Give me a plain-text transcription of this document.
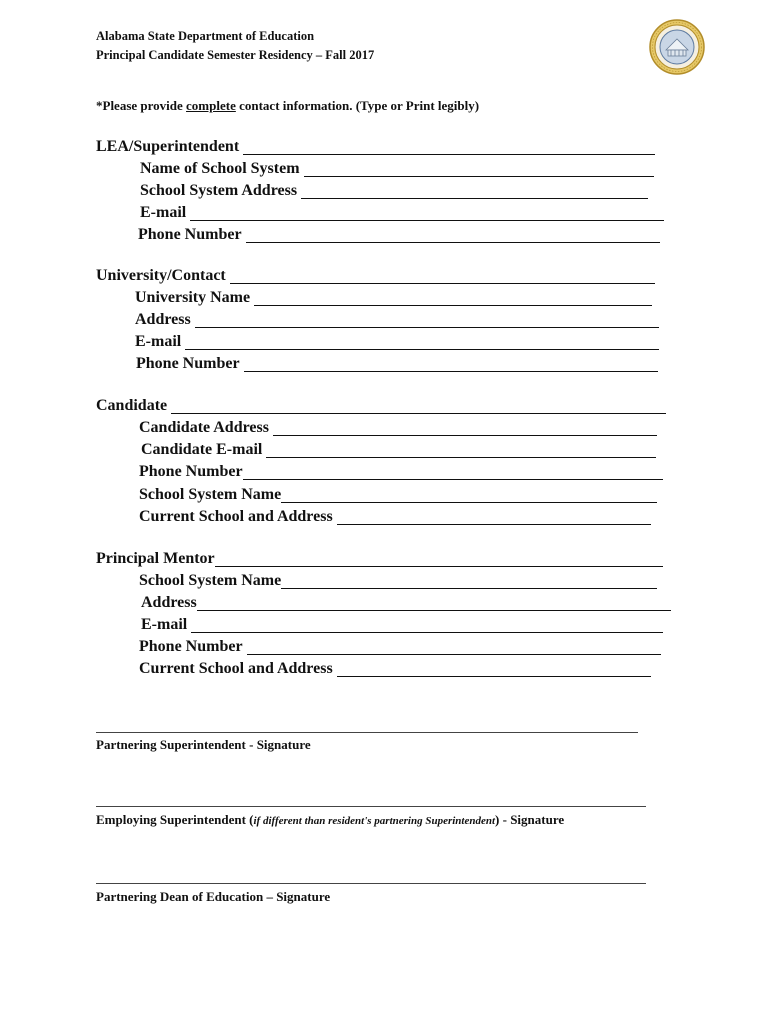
Alabama State Department of Education
Principal Candidate Semester Residency – Fall 2017
*Please provide complete contact information. (Type or Print legibly)
LEA/Superintendent
Name of School System
School System Address
E-mail
Phone Number
University/Contact
University Name
Address
E-mail
Phone Number
Candidate
Candidate Address
Candidate E-mail
Phone Number
School System Name
Current School and Address
Principal Mentor
School System Name
Address
E-mail
Phone Number
Current School and Address
Partnering Superintendent - Signature
Employing Superintendent (if different than resident's partnering Superintendent) - Signature
Partnering Dean of Education – Signature
